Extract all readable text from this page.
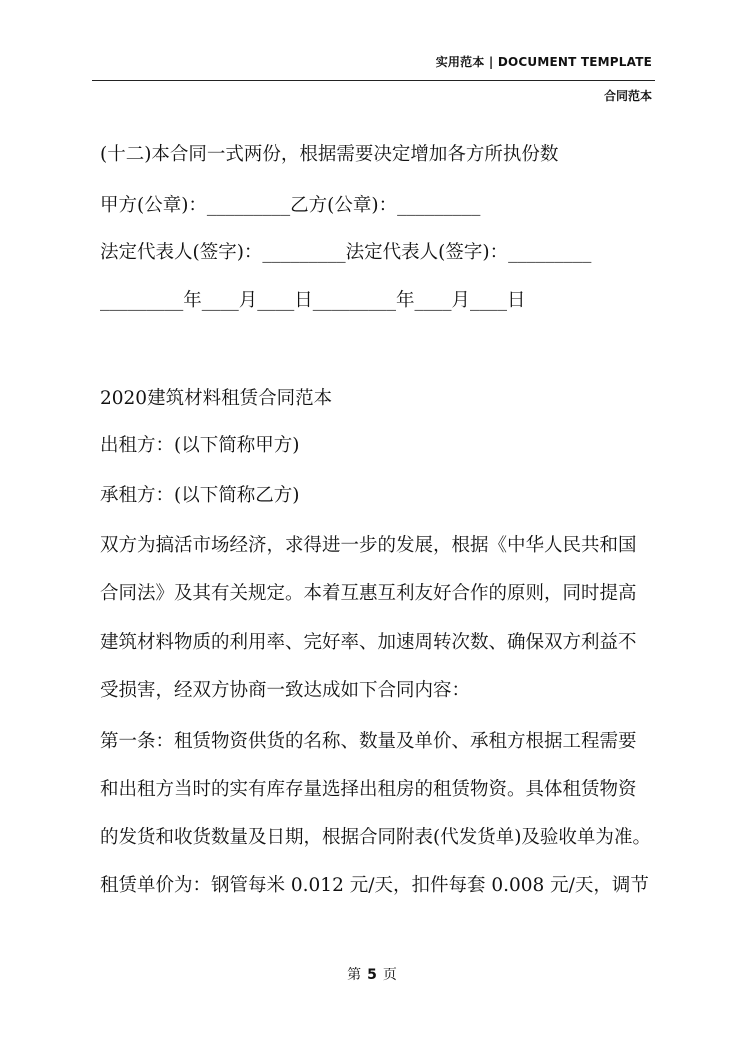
实用范本 | DOCUMENT TEMPLATE
合同范本
(十二)本合同一式两份，根据需要决定增加各方所执份数
甲方(公章)：_________乙方(公章)：_________
法定代表人(签字)：_________法定代表人(签字)：_________
_________年____月____日_________年____月____日
2020建筑材料租赁合同范本
出租方：(以下简称甲方)
承租方：(以下简称乙方)
双方为搞活市场经济，求得进一步的发展，根据《中华人民共和国
合同法》及其有关规定。本着互惠互利友好合作的原则，同时提高
建筑材料物质的利用率、完好率、加速周转次数、确保双方利益不
受损害，经双方协商一致达成如下合同内容：
第一条：租赁物资供货的名称、数量及单价、承租方根据工程需要
和出租方当时的实有库存量选择出租房的租赁物资。具体租赁物资
的发货和收货数量及日期，根据合同附表(代发货单)及验收单为准。
租赁单价为：钢管每米 0.012 元/天，扣件每套 0.008 元/天，调节
第 5 页
